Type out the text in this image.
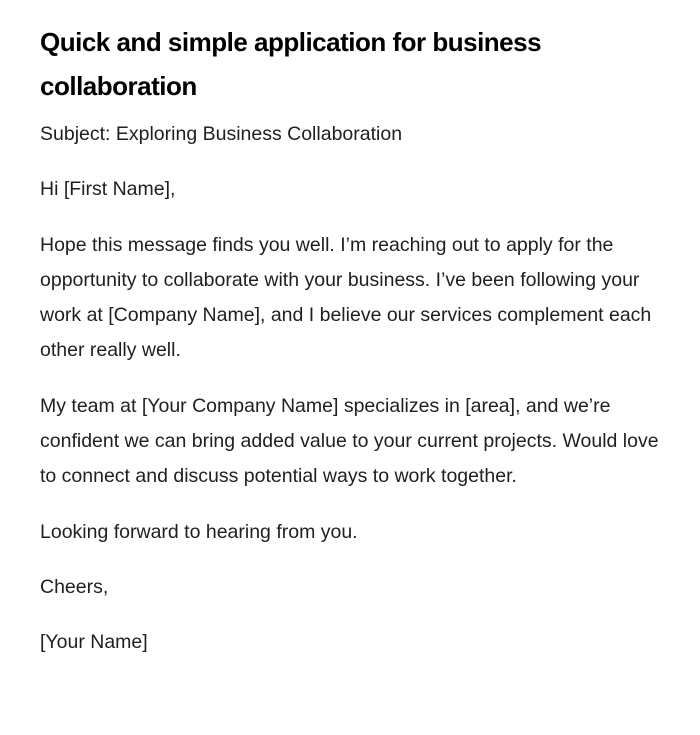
Quick and simple application for business collaboration

Subject: Exploring Business Collaboration

Hi [First Name],

Hope this message finds you well. I’m reaching out to apply for the opportunity to collaborate with your business. I’ve been following your work at [Company Name], and I believe our services complement each other really well.

My team at [Your Company Name] specializes in [area], and we’re confident we can bring added value to your current projects. Would love to connect and discuss potential ways to work together.

Looking forward to hearing from you.

Cheers,

[Your Name]
